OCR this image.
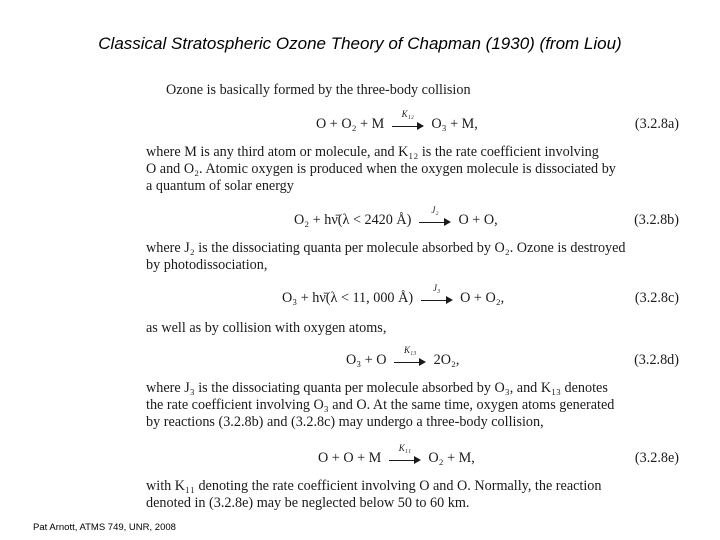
Classical Stratospheric Ozone Theory of Chapman (1930) (from Liou)
Ozone is basically formed by the three-body collision
O + O₂ + M
K₁₂
O₃ + M,	(3.2.8a)
where M is any third atom or molecule, and K₁₂ is the rate coefficient involving
O and O₂. Atomic oxygen is produced when the oxygen molecule is dissociated by
a quantum of solar energy
O₂ + hν̄(λ < 2420 Å)
J₂
O + O,	(3.2.8b)
where J₂ is the dissociating quanta per molecule absorbed by O₂. Ozone is destroyed
by photodissociation,
O₃ + hν̄(λ < 11, 000 Å)
J₃
O + O₂,	(3.2.8c)
as well as by collision with oxygen atoms,
O₃ + O
K₁₃
2O₂,	(3.2.8d)
where J₃ is the dissociating quanta per molecule absorbed by O₃, and K₁₃ denotes
the rate coefficient involving O₃ and O. At the same time, oxygen atoms generated
by reactions (3.2.8b) and (3.2.8c) may undergo a three-body collision,
O + O + M
K₁₁
O₂ + M,	(3.2.8e)
with K₁₁ denoting the rate coefficient involving O and O. Normally, the reaction
denoted in (3.2.8e) may be neglected below 50 to 60 km.
Pat Arnott, ATMS 749, UNR, 2008
